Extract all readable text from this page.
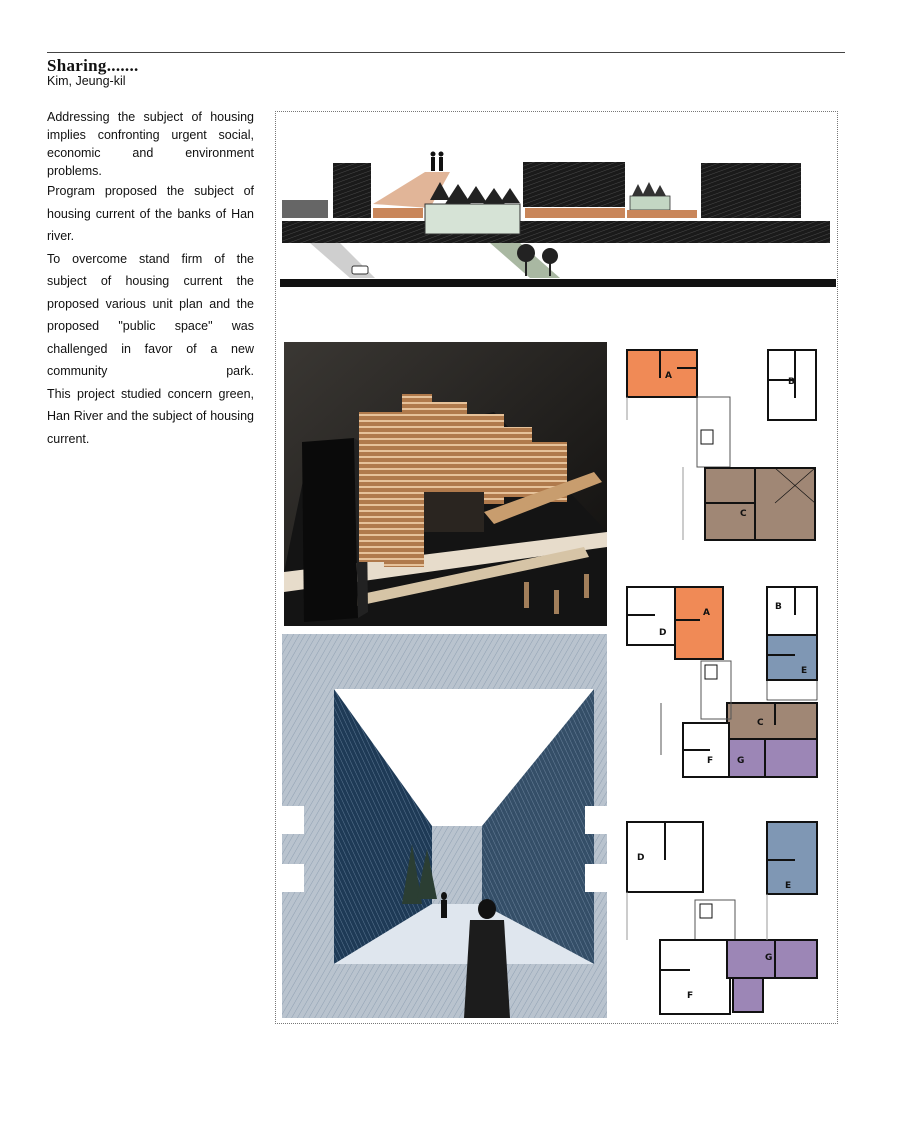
Sharing.......
Kim, Jeung-kil

Addressing the subject of housing implies confronting urgent social, economic and environment problems.

Program proposed the subject of housing current of the banks of Han river.

To overcome stand firm of the subject of housing current the proposed various unit plan and the proposed "public space" was challenged in favor of a new community park.

This project studied concern green, Han River and the subject of housing current.

A
B
C
D
A
B
E
C
F	G
D
E
F
G
